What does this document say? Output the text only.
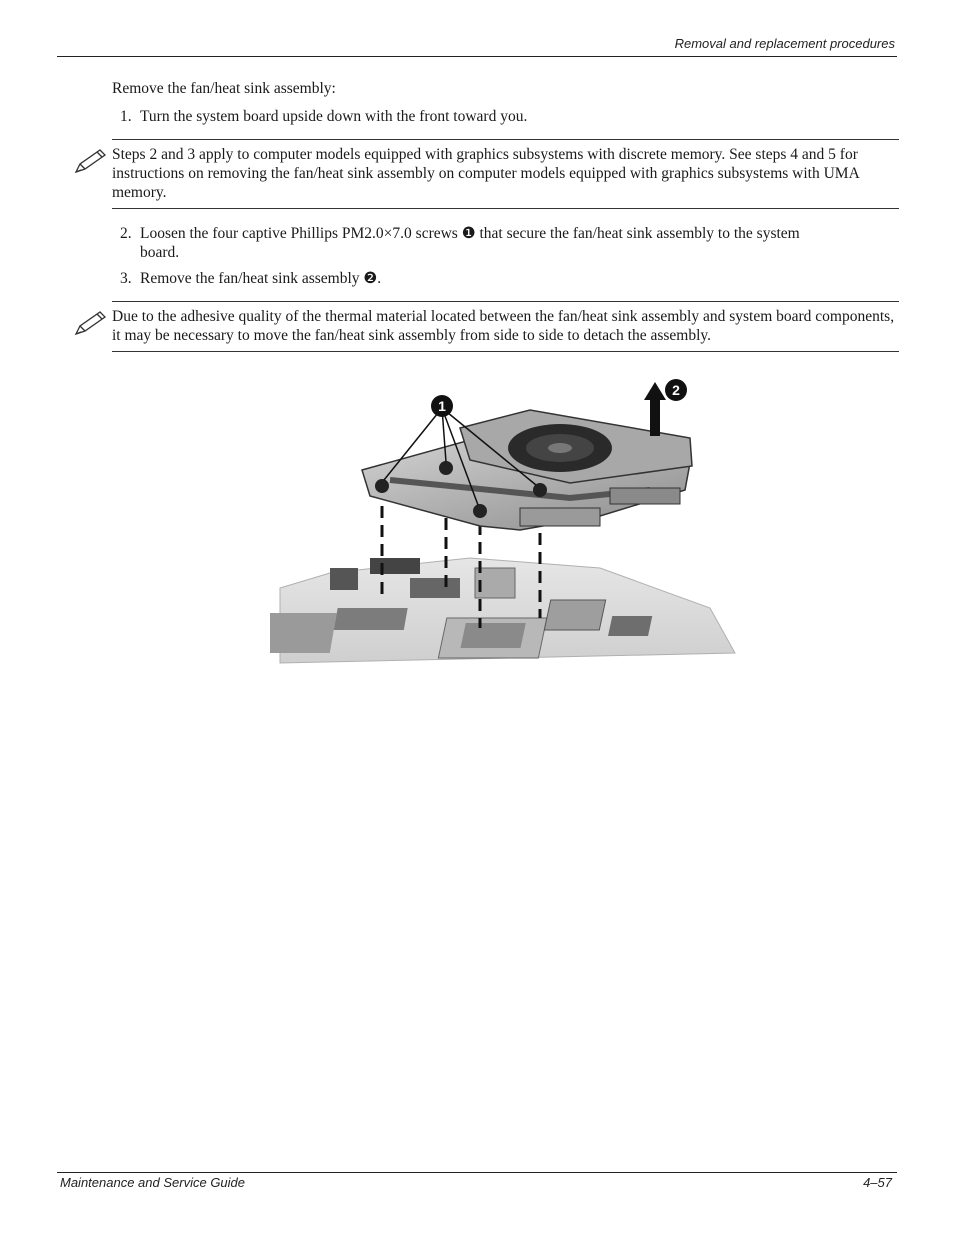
Removal and replacement procedures
Remove the fan/heat sink assembly:
1. Turn the system board upside down with the front toward you.
Steps 2 and 3 apply to computer models equipped with graphics subsystems with discrete memory. See steps 4 and 5 for instructions on removing the fan/heat sink assembly on computer models equipped with graphics subsystems with UMA memory.
2. Loosen the four captive Phillips PM2.0×7.0 screws ❶ that secure the fan/heat sink assembly to the system board.
3. Remove the fan/heat sink assembly ❷.
Due to the adhesive quality of the thermal material located between the fan/heat sink assembly and system board components, it may be necessary to move the fan/heat sink assembly from side to side to detach the assembly.
1
2
Maintenance and Service Guide	4–57
